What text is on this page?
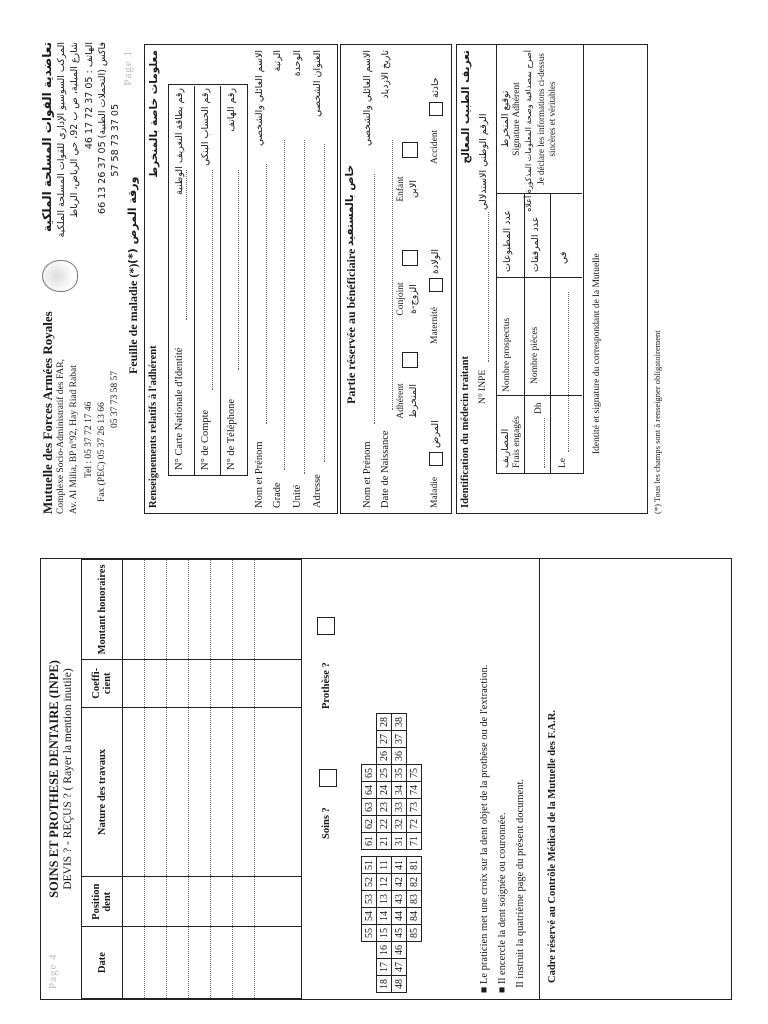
Page 4
SOINS ET PROTHESE DENTAIRE (INPE) DEVIS ? - REÇUS ? ( Rayer la mention inutile)
Date	Position dent	Nature des travaux	Coeffi- cient	Montant honoraires

Soins ?
Prothèse ?
			55	54	53	52	51		61	62	63	64	65			
18	17	16	15	14	13	12	11		21	22	23	24	25	26	27	28
48	47	46	45	44	43	42	41		31	32	33	34	35	36	37	38
			85	84	83	82	81		71	72	73	74	75			
■ Le praticien met une croix sur la dent objet de la prothèse ou de l'extraction.
■ Il encercle la dent soignée ou couronnée. Il instruit la quatrième page du présent document. Cadre réservé au Contrôle Médical de la Mutuelle des F.A.R.
Mutuelle des Forces Armées Royales Complexe Socio-Administratif des FAR, Av. Al Milia, BP n°92, Hay Riad Rabat Tel : 05 37 72 17 46 Fax (PEC) 05 37 26 13 66
05 37 73 58 57
تعاضدية القوات المسلحة الملكية المركب السوسيو الإداري للقوات المسلحة الملكية شارع الميلية، ص ب 92، حي الرياض، الرباط
الهاتف : 05 37 72 17 46
فاكس (التحملات الطبية) 05 37 26 13 66
05 37 73 58 57
Page 1
Feuille de maladie (*)
ورقة المرض (*)
Renseignements relatifs à l'adhérent
معلومات خاصة بالمنخرط
N° Carte Nationale d'Identité
رقم بطاقة التعريف الوطنية
N° de Compte
رقم الحساب البنكي
N° de Téléphone
رقم الهاتف
Nom et Prénom
الاسم العائلي والشخصي
Grade
الرتبة
Unité
الوحدة
Adresse
العنوان الشخصي
Partie réservée au bénéficiaire
خاص بالمستفيد
Nom et Prénom
الاسم العائلي والشخصي
Date de Naissance
تاريخ الازدياد
Adhérent المنخرط
Conjoint الزوج-ة
Enfant الابن
Maladie
المرض
Maternité
الولادة
Accident
حادثة
Identification du médecin traitant
تعريف الطبيب المعالج
N° INPE
الرقم الوطني الاستدلالي
المصاريف Frais engagés
Dh
Nombre prospectus Nombre pièces
عدد المطبوعات عدد المرفقات
Le
في
توقيع المنخرط Signature Adhérent أصرح بمصداقية وصحة المعلومات المذكورة أعلاه Je déclare les informations ci-dessus sincères et véritables
Identité et signature du correspondant de la Mutuelle	(*) Tous les champs sont à renseigner obligatoirement
